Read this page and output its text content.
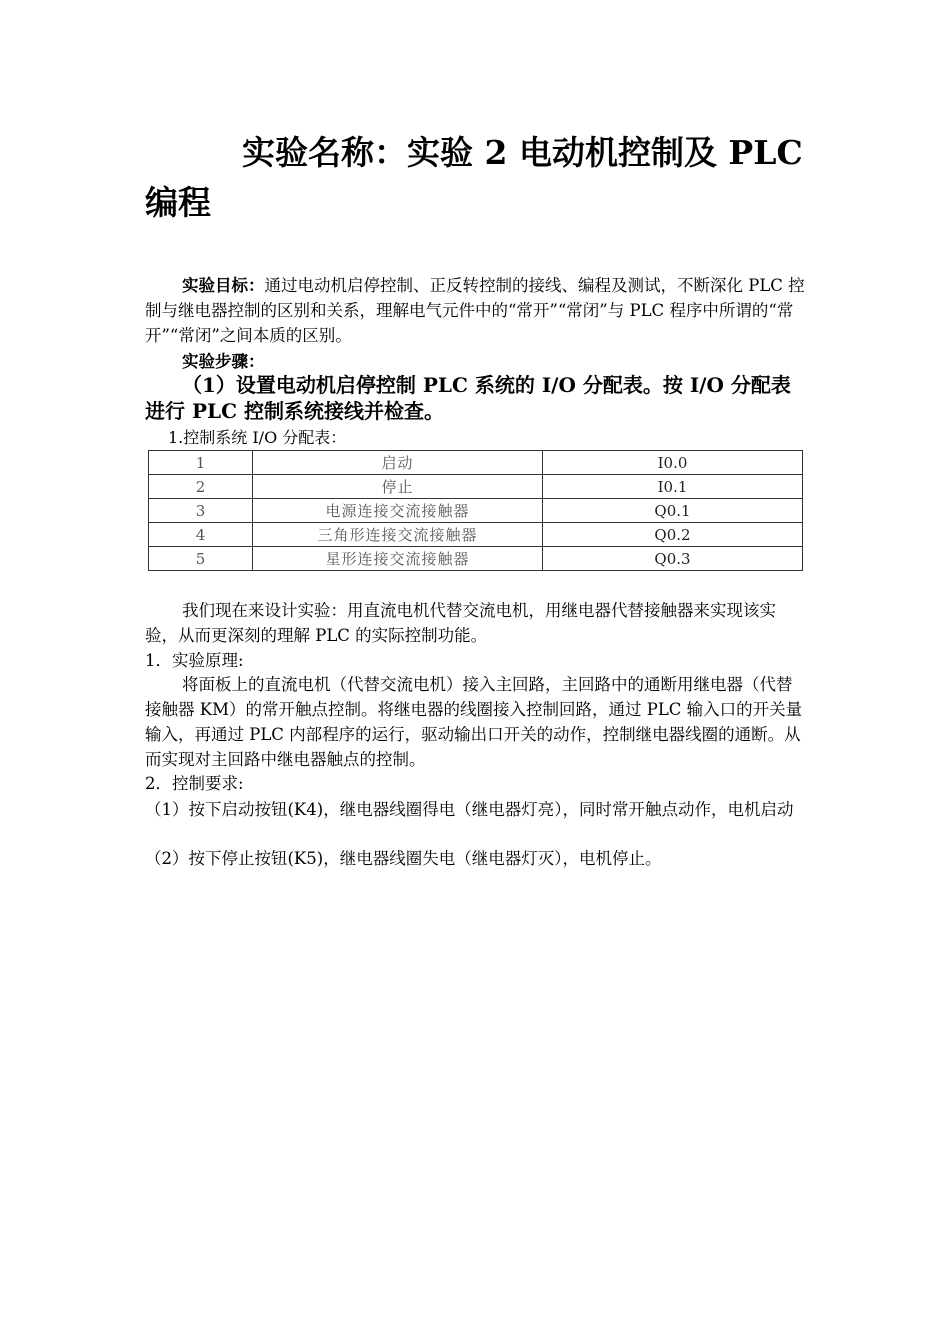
实验名称：实验 2 电动机控制及 PLC 编程

实验目标：通过电动机启停控制、正反转控制的接线、编程及测试，不断深化 PLC 控制与继电器控制的区别和关系，理解电气元件中的“常开”“常闭”与 PLC 程序中所谓的“常开”“常闭”之间本质的区别。

实验步骤：

（1）设置电动机启停控制 PLC 系统的 I/O 分配表。按 I/O 分配表进行 PLC 控制系统接线并检查。

1.控制系统 I/O 分配表：

1	启动	I0.0
2	停止	I0.1
3	电源连接交流接触器	Q0.1
4	三角形连接交流接触器	Q0.2
5	星形连接交流接触器	Q0.3

我们现在来设计实验：用直流电机代替交流电机，用继电器代替接触器来实现该实验，从而更深刻的理解 PLC 的实际控制功能。

1．实验原理:

将面板上的直流电机（代替交流电机）接入主回路，主回路中的通断用继电器（代替接触器 KM）的常开触点控制。将继电器的线圈接入控制回路，通过 PLC 输入口的开关量输入，再通过 PLC 内部程序的运行，驱动输出口开关的动作，控制继电器线圈的通断。从而实现对主回路中继电器触点的控制。

2．控制要求:

（1）按下启动按钮(K4)，继电器线圈得电（继电器灯亮），同时常开触点动作，电机启动

（2）按下停止按钮(K5)，继电器线圈失电（继电器灯灭），电机停止。
